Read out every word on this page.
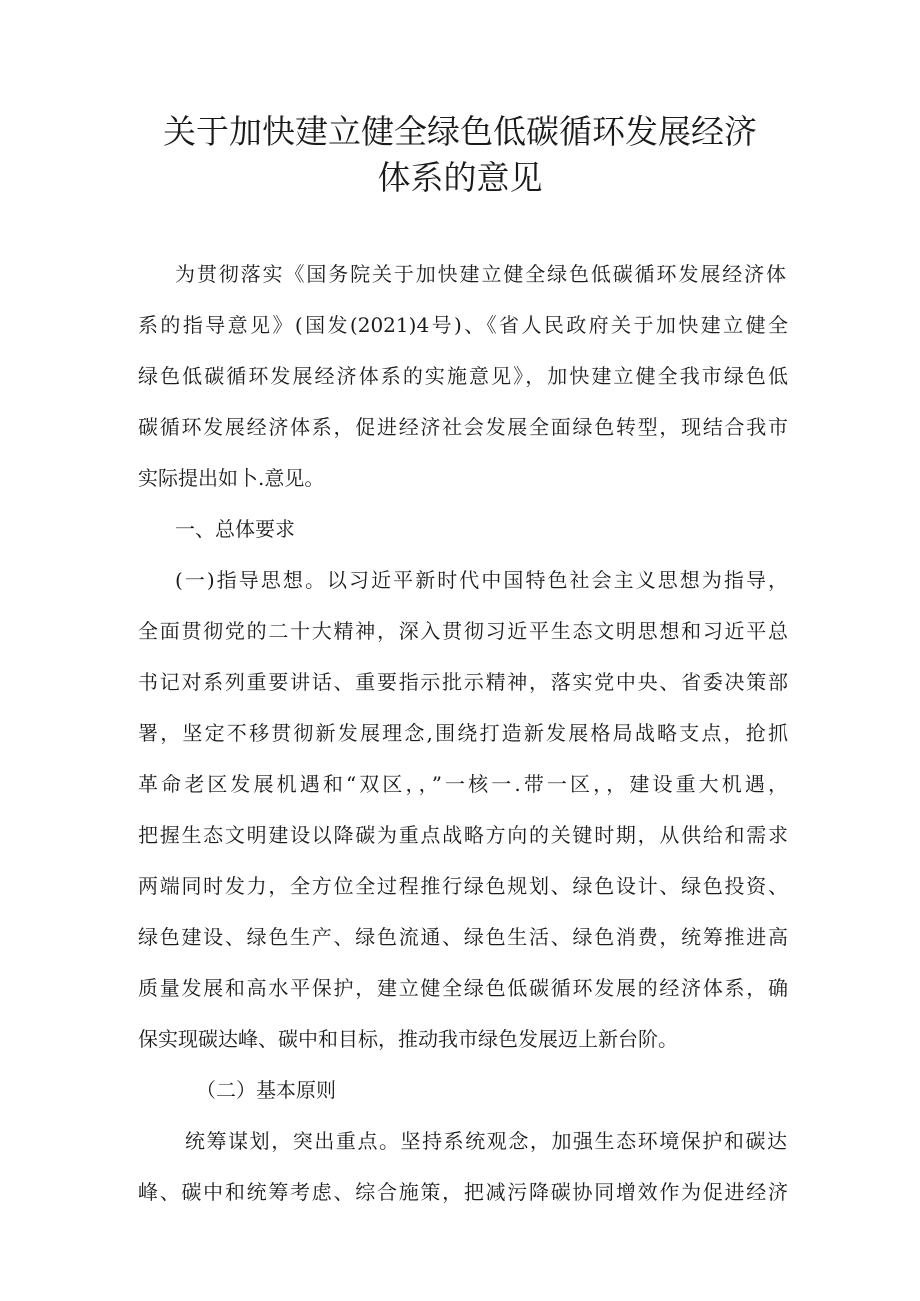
关于加快建立健全绿色低碳循环发展经济
体系的意见
为贯彻落实《国务院关于加快建立健全绿色低碳循环发展经济体
系的指导意见》(国发(2021)4号)、《省人民政府关于加快建立健全
绿色低碳循环发展经济体系的实施意见》，加快建立健全我市绿色低
碳循环发展经济体系，促进经济社会发展全面绿色转型，现结合我市
实际提出如卜.意见。
一、总体要求
(一)指导思想。以习近平新时代中国特色社会主义思想为指导，
全面贯彻党的二十大精神，深入贯彻习近平生态文明思想和习近平总
书记对系列重要讲话、重要指示批示精神，落实党中央、省委决策部
署，坚定不移贯彻新发展理念,围绕打造新发展格局战略支点，抢抓
革命老区发展机遇和“双区，，”一核一.带一区，，建设重大机遇，
把握生态文明建设以降碳为重点战略方向的关键时期，从供给和需求
两端同时发力，全方位全过程推行绿色规划、绿色设计、绿色投资、
绿色建设、绿色生产、绿色流通、绿色生活、绿色消费，统筹推进高
质量发展和高水平保护，建立健全绿色低碳循环发展的经济体系，确
保实现碳达峰、碳中和目标，推动我市绿色发展迈上新台阶。
（二）基本原则
统筹谋划，突出重点。坚持系统观念，加强生态环境保护和碳达
峰、碳中和统筹考虑、综合施策，把减污降碳协同增效作为促进经济
